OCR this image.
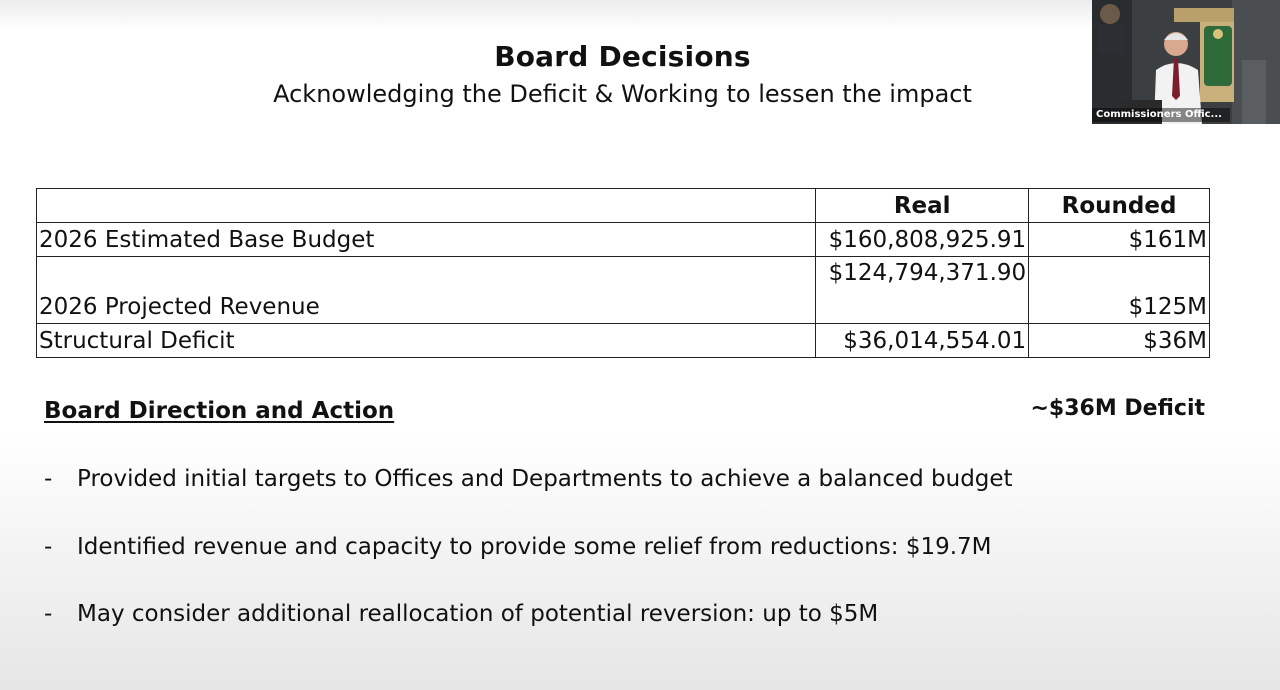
Board Decisions
Acknowledging the Deficit & Working to lessen the impact
	Real	Rounded
2026 Estimated Base Budget	$160,808,925.91	$161M
2026 Projected Revenue	$124,794,371.90	$125M
Structural Deficit	$36,014,554.01	$36M
Board Direction and Action	~$36M Deficit
-	Provided initial targets to Offices and Departments to achieve a balanced budget
-	Identified revenue and capacity to provide some relief from reductions: $19.7M
-	May consider additional reallocation of potential reversion: up to $5M
Commissioners Offic...
